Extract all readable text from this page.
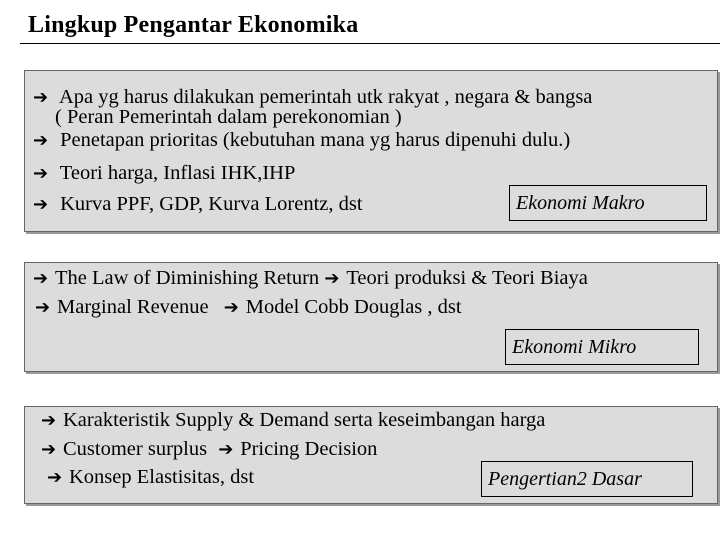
Lingkup Pengantar Ekonomika
➔ Apa yg harus dilakukan pemerintah utk rakyat , negara & bangsa
( Peran Pemerintah dalam perekonomian )
➔ Penetapan prioritas (kebutuhan mana yg harus dipenuhi dulu.)
➔ Teori harga, Inflasi IHK,IHP
➔ Kurva PPF, GDP, Kurva Lorentz, dst	Ekonomi Makro
➔ The Law of Diminishing Return ➔ Teori produksi & Teori Biaya
➔ Marginal Revenue ➔ Model Cobb Douglas , dst
Ekonomi Mikro
➔ Karakteristik Supply & Demand serta keseimbangan harga
➔ Customer surplus ➔ Pricing Decision
➔ Konsep Elastisitas, dst	Pengertian2 Dasar
